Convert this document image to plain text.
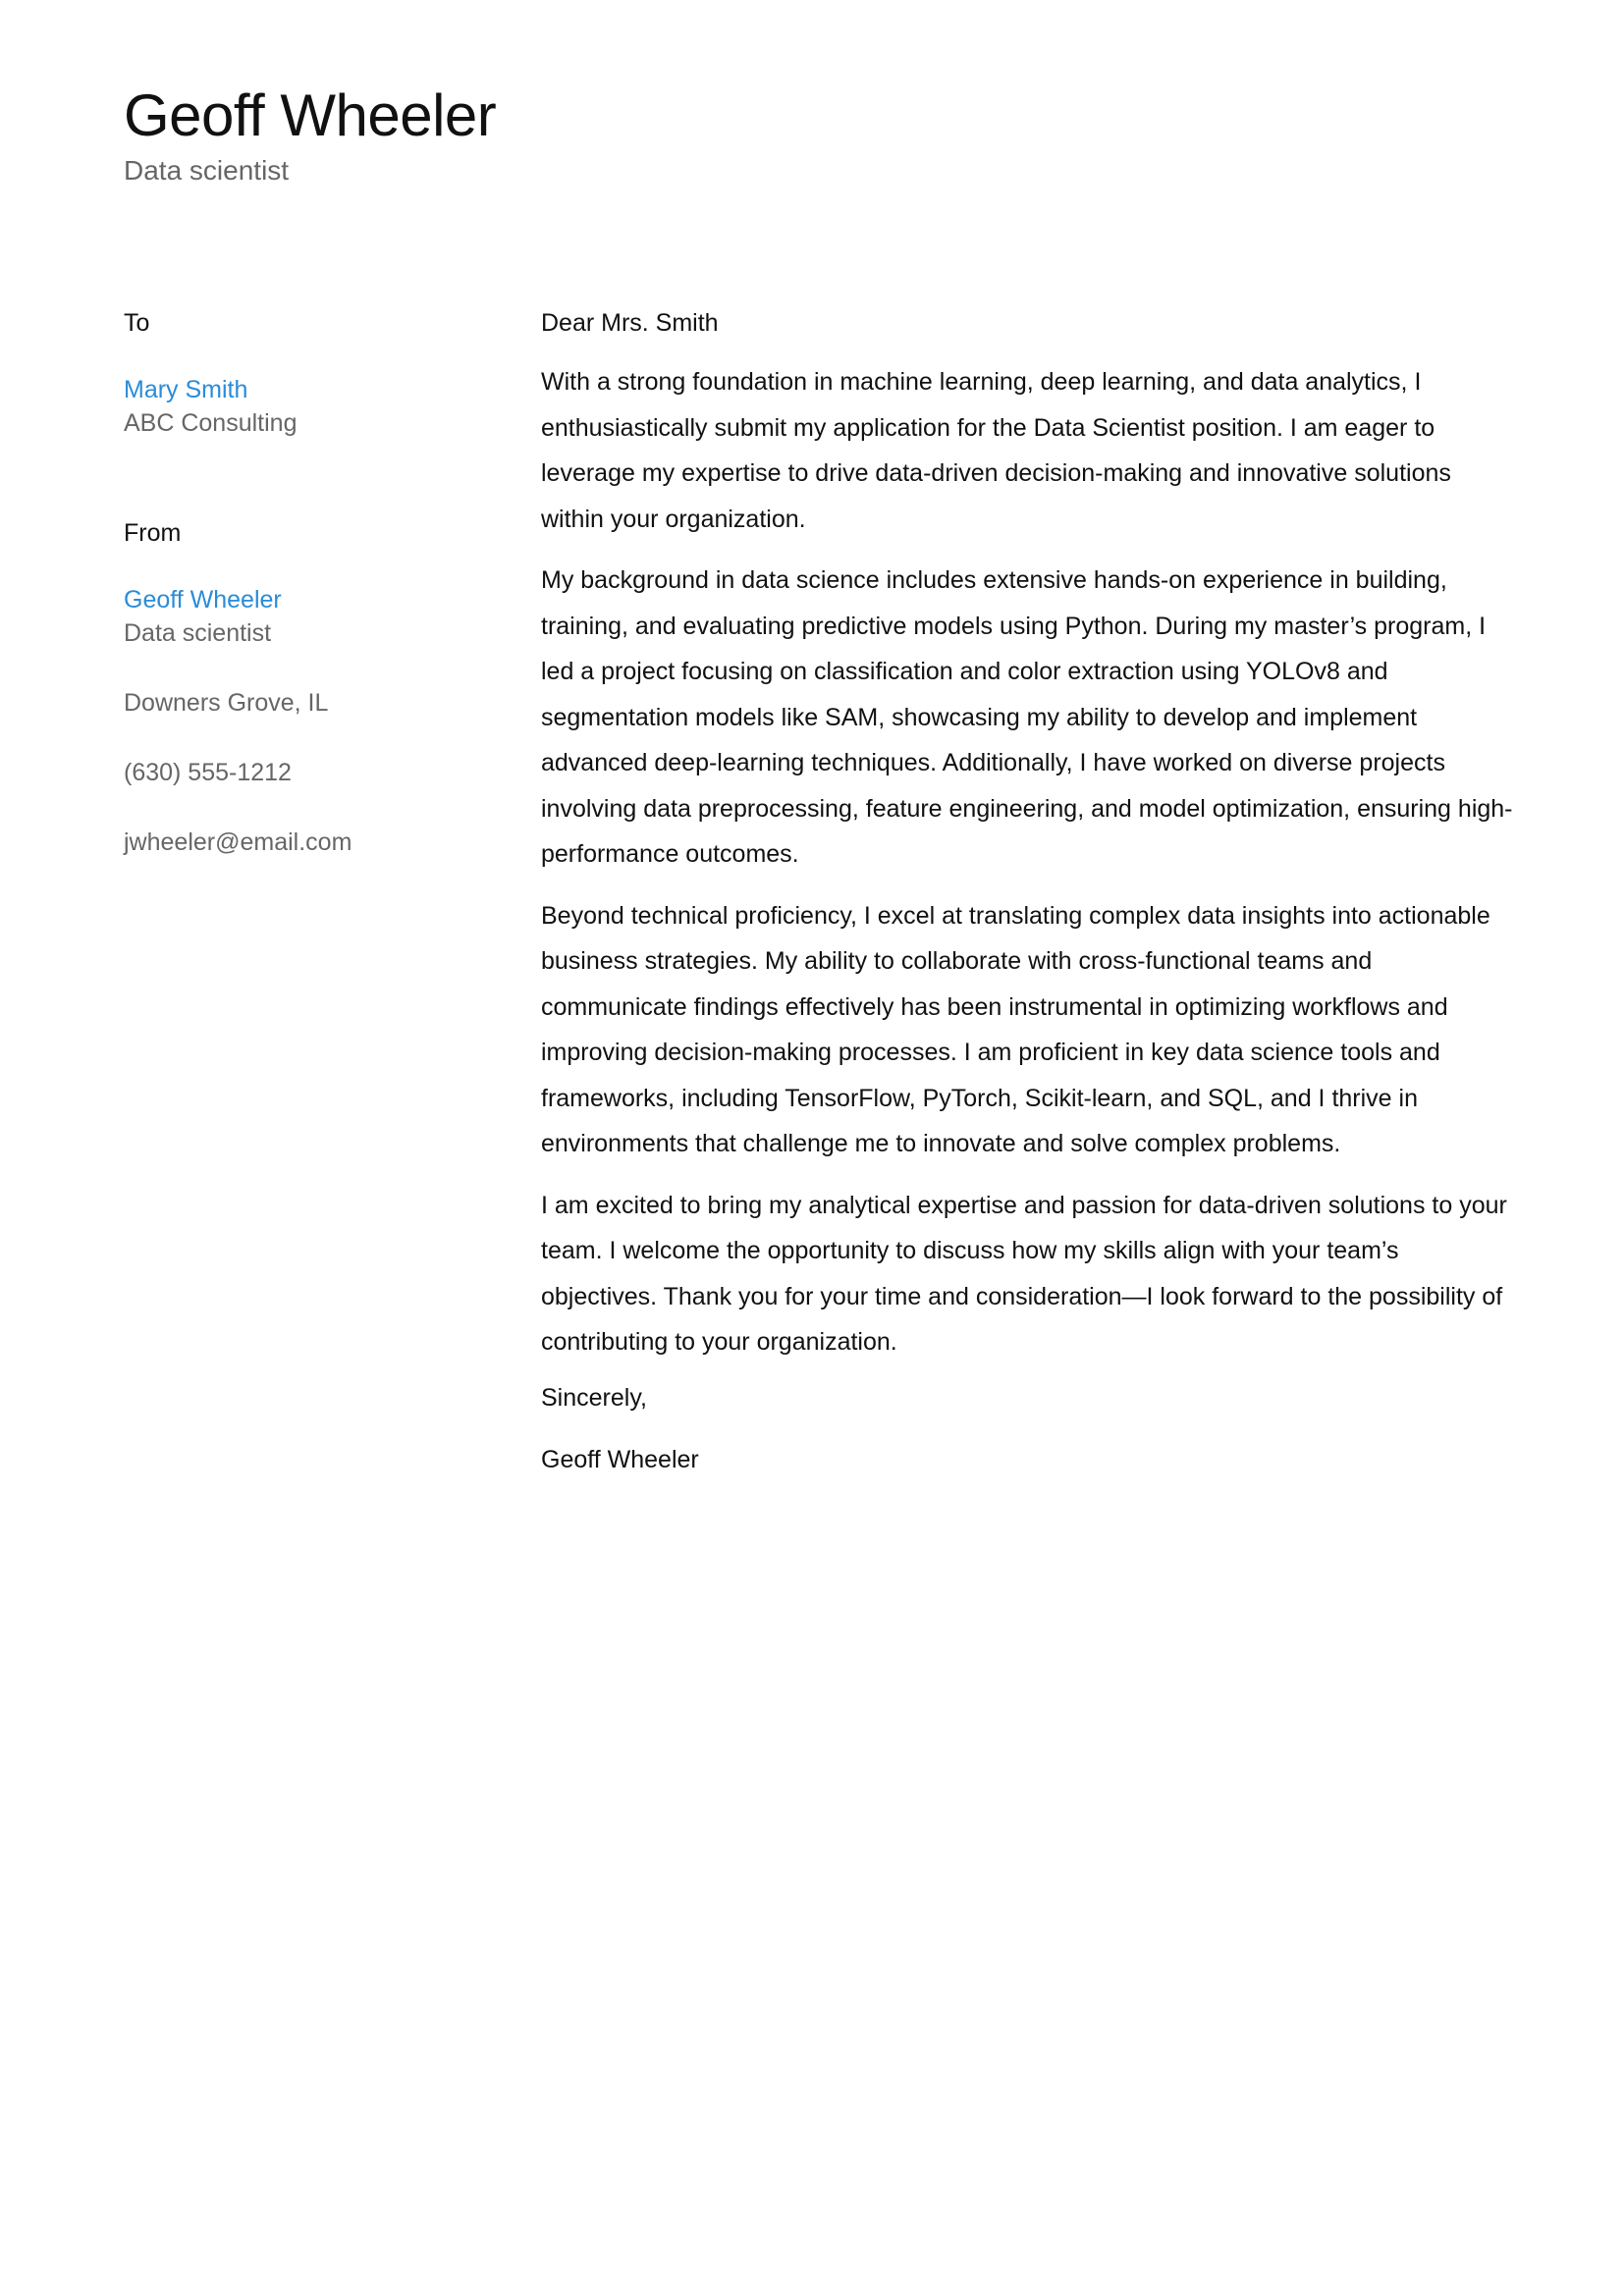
Geoff Wheeler
Data scientist
To
Mary Smith
ABC Consulting
From
Geoff Wheeler
Data scientist
Downers Grove, IL
(630) 555-1212
jwheeler@email.com
Dear Mrs. Smith

With a strong foundation in machine learning, deep learning, and data analytics, I enthusiastically submit my application for the Data Scientist position. I am eager to leverage my expertise to drive data-driven decision-making and innovative solutions within your organization.

My background in data science includes extensive hands-on experience in building, training, and evaluating predictive models using Python. During my master’s program, I led a project focusing on classification and color extraction using YOLOv8 and segmentation models like SAM, showcasing my ability to develop and implement advanced deep-learning techniques. Additionally, I have worked on diverse projects involving data preprocessing, feature engineering, and model optimization, ensuring high-performance outcomes.

Beyond technical proficiency, I excel at translating complex data insights into actionable business strategies. My ability to collaborate with cross-functional teams and communicate findings effectively has been instrumental in optimizing workflows and improving decision-making processes. I am proficient in key data science tools and frameworks, including TensorFlow, PyTorch, Scikit-learn, and SQL, and I thrive in environments that challenge me to innovate and solve complex problems.

I am excited to bring my analytical expertise and passion for data-driven solutions to your team. I welcome the opportunity to discuss how my skills align with your team’s objectives. Thank you for your time and consideration—I look forward to the possibility of contributing to your organization.

Sincerely,
Geoff Wheeler
